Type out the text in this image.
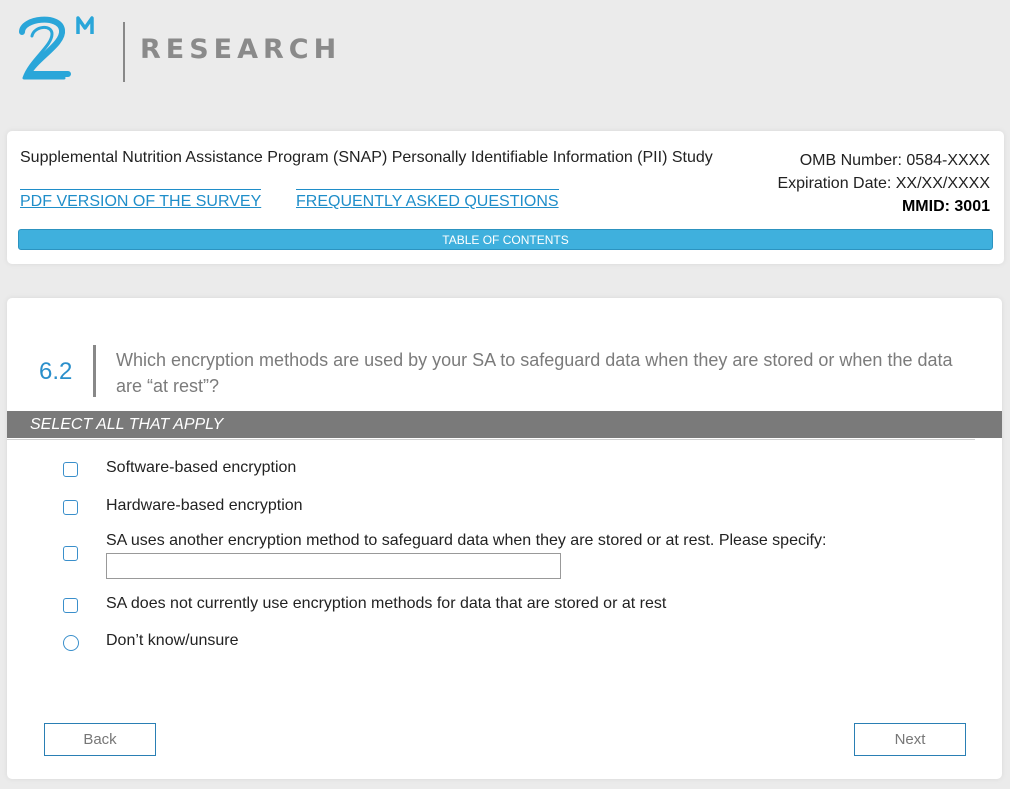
RESEARCH
Supplemental Nutrition Assistance Program (SNAP) Personally Identifiable Information (PII) Study	OMB Number: 0584-XXXX
Expiration Date: XX/XX/XXXX
MMID: 3001
PDF VERSION OF THE SURVEY FREQUENTLY ASKED QUESTIONS
TABLE OF CONTENTS
6.2 Which encryption methods are used by your SA to safeguard data when they are stored or when the data are “at rest”?
SELECT ALL THAT APPLY
Software-based encryption
Hardware-based encryption
SA uses another encryption method to safeguard data when they are stored or at rest. Please specify:
SA does not currently use encryption methods for data that are stored or at rest
Don’t know/unsure
Back	Next
